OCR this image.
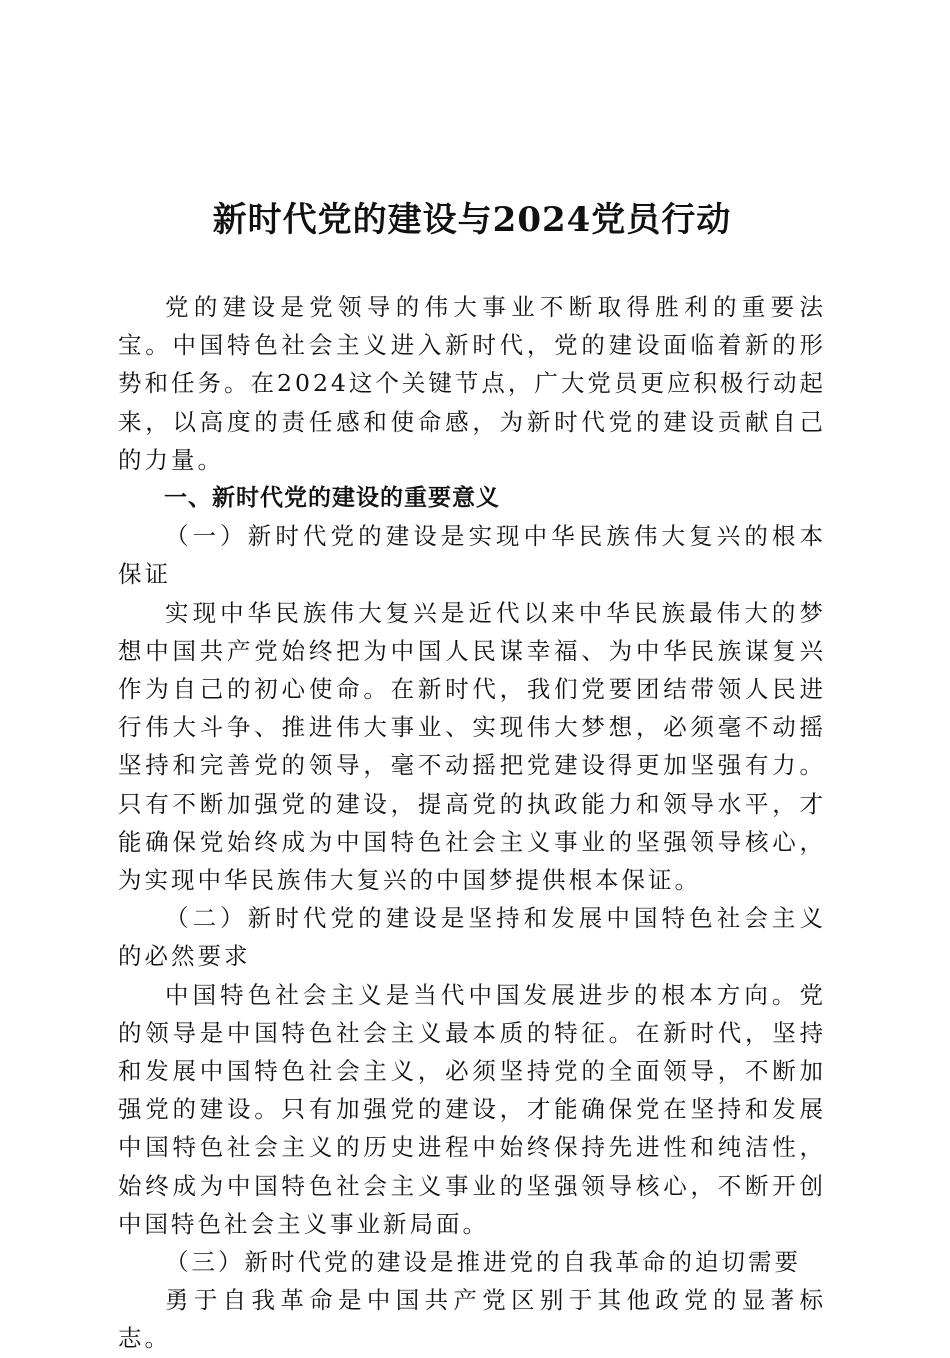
新时代党的建设与2024党员行动

党的建设是党领导的伟大事业不断取得胜利的重要法宝。中国特色社会主义进入新时代，党的建设面临着新的形势和任务。在2024这个关键节点，广大党员更应积极行动起来，以高度的责任感和使命感，为新时代党的建设贡献自己的力量。

一、新时代党的建设的重要意义

（一）新时代党的建设是实现中华民族伟大复兴的根本保证

实现中华民族伟大复兴是近代以来中华民族最伟大的梦想中国共产党始终把为中国人民谋幸福、为中华民族谋复兴作为自己的初心使命。在新时代，我们党要团结带领人民进行伟大斗争、推进伟大事业、实现伟大梦想，必须毫不动摇坚持和完善党的领导，毫不动摇把党建设得更加坚强有力。只有不断加强党的建设，提高党的执政能力和领导水平，才能确保党始终成为中国特色社会主义事业的坚强领导核心，为实现中华民族伟大复兴的中国梦提供根本保证。

（二）新时代党的建设是坚持和发展中国特色社会主义的必然要求

中国特色社会主义是当代中国发展进步的根本方向。党的领导是中国特色社会主义最本质的特征。在新时代，坚持和发展中国特色社会主义，必须坚持党的全面领导，不断加强党的建设。只有加强党的建设，才能确保党在坚持和发展中国特色社会主义的历史进程中始终保持先进性和纯洁性，始终成为中国特色社会主义事业的坚强领导核心，不断开创中国特色社会主义事业新局面。

（三）新时代党的建设是推进党的自我革命的迫切需要

勇于自我革命是中国共产党区别于其他政党的显著标志。
